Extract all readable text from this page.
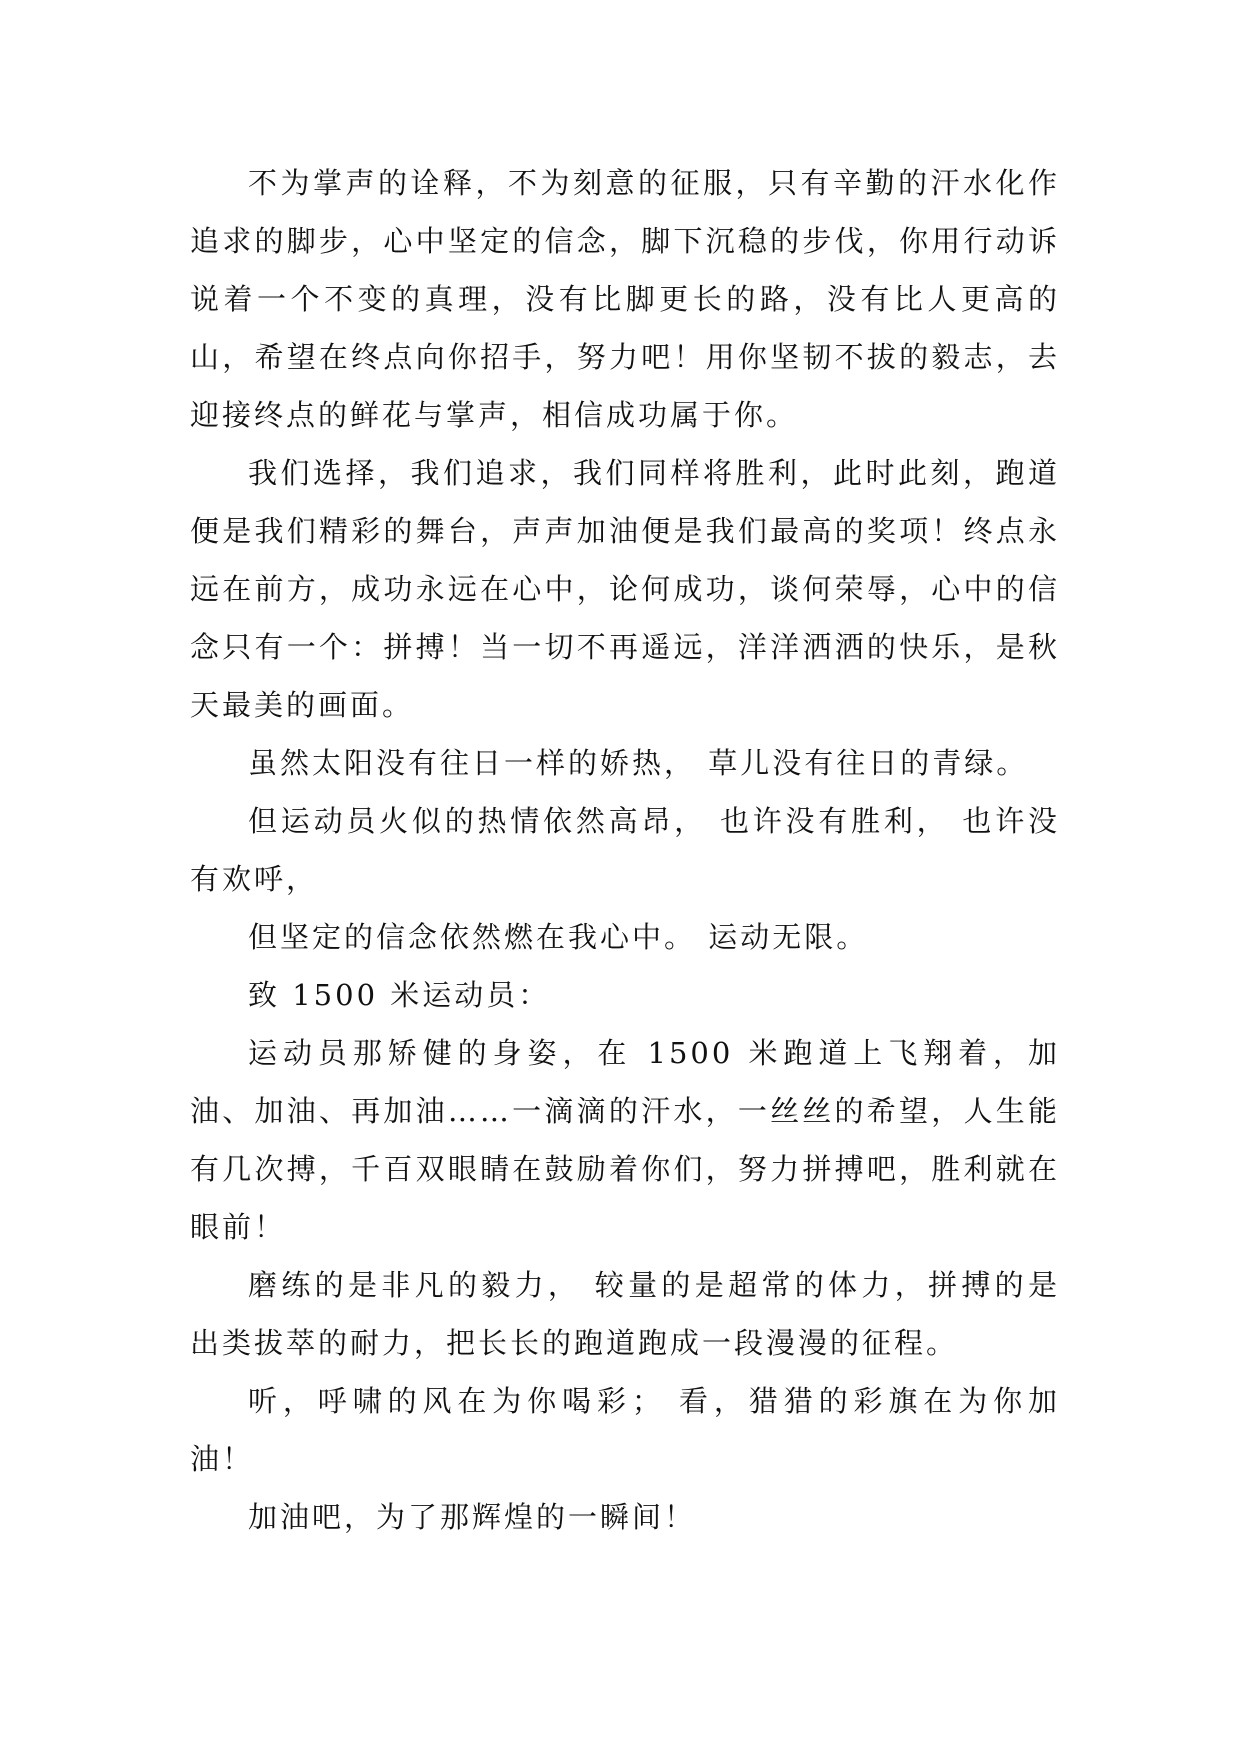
不为掌声的诠释，不为刻意的征服，只有辛勤的汗水化作追求的脚步，心中坚定的信念，脚下沉稳的步伐，你用行动诉说着一个不变的真理，没有比脚更长的路，没有比人更高的山，希望在终点向你招手，努力吧！用你坚韧不拔的毅志，去迎接终点的鲜花与掌声，相信成功属于你。

我们选择，我们追求，我们同样将胜利，此时此刻，跑道便是我们精彩的舞台，声声加油便是我们最高的奖项！终点永远在前方，成功永远在心中，论何成功，谈何荣辱，心中的信念只有一个：拼搏！当一切不再遥远，洋洋洒洒的快乐，是秋天最美的画面。

虽然太阳没有往日一样的娇热， 草儿没有往日的青绿。

但运动员火似的热情依然高昂， 也许没有胜利， 也许没有欢呼，

但坚定的信念依然燃在我心中。 运动无限。

致 1500 米运动员：

运动员那矫健的身姿，在 1500 米跑道上飞翔着，加油、加油、再加油……一滴滴的汗水，一丝丝的希望，人生能有几次搏，千百双眼睛在鼓励着你们，努力拼搏吧，胜利就在眼前！

磨练的是非凡的毅力， 较量的是超常的体力，拼搏的是出类拔萃的耐力，把长长的跑道跑成一段漫漫的征程。

听，呼啸的风在为你喝彩； 看，猎猎的彩旗在为你加油！

加油吧，为了那辉煌的一瞬间！
